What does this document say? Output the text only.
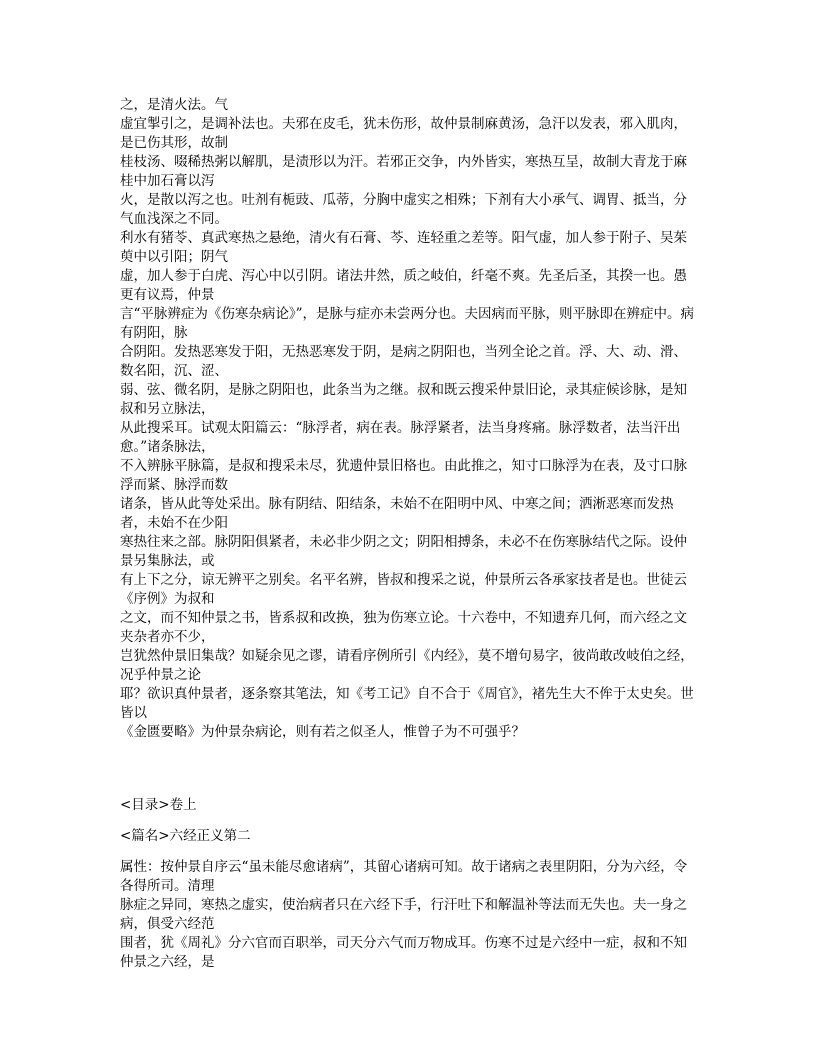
之，是清火法。气
虚宜掣引之，是调补法也。夫邪在皮毛，犹未伤形，故仲景制麻黄汤，急汗以发表，邪入肌肉，是已伤其形，故制
桂枝汤、啜稀热粥以解肌，是渍形以为汗。若邪正交争，内外皆实，寒热互呈，故制大青龙于麻桂中加石膏以泻
火，是散以泻之也。吐剂有栀豉、瓜蒂，分胸中虚实之相殊；下剂有大小承气、调胃、抵当，分气血浅深之不同。
利水有猪苓、真武寒热之悬绝，清火有石膏、芩、连轻重之差等。阳气虚，加人参于附子、吴茱萸中以引阳；阴气
虚，加人参于白虎、泻心中以引阴。诸法井然，质之岐伯，纤毫不爽。先圣后圣，其揆一也。愚更有议焉，仲景
言“平脉辨症为《伤寒杂病论》”，是脉与症亦未尝两分也。夫因病而平脉，则平脉即在辨症中。病有阴阳，脉
合阴阳。发热恶寒发于阳，无热恶寒发于阴，是病之阴阳也，当列全论之首。浮、大、动、滑、数名阳，沉、涩、
弱、弦、微名阴，是脉之阴阳也，此条当为之继。叔和既云搜采仲景旧论，录其症候诊脉，是知叔和另立脉法，
从此搜采耳。试观太阳篇云：“脉浮者，病在表。脉浮紧者，法当身疼痛。脉浮数者，法当汗出愈。”诸条脉法，
不入辨脉平脉篇，是叔和搜采未尽，犹遗仲景旧格也。由此推之，知寸口脉浮为在表，及寸口脉浮而紧、脉浮而数
诸条，皆从此等处采出。脉有阴结、阳结条，未始不在阳明中风、中寒之间；洒淅恶寒而发热者，未始不在少阳
寒热往来之部。脉阴阳俱紧者，未必非少阴之文；阴阳相搏条，未必不在伤寒脉结代之际。设仲景另集脉法，或
有上下之分，谅无辨平之别矣。名平名辨，皆叔和搜采之说，仲景所云各承家技者是也。世徒云《序例》为叔和
之文，而不知仲景之书，皆系叔和改换，独为伤寒立论。十六卷中，不知遗弃几何，而六经之文夹杂者亦不少，
岂犹然仲景旧集哉？如疑余见之谬，请看序例所引《内经》，莫不增句易字，彼尚敢改岐伯之经，况乎仲景之论
耶？欲识真仲景者，逐条察其笔法，知《考工记》自不合于《周官》，褚先生大不侔于太史矣。世皆以
《金匮要略》为仲景杂病论，则有若之似圣人，惟曾子为不可强乎？
<目录>卷上
<篇名>六经正义第二
属性：按仲景自序云“虽未能尽愈诸病”，其留心诸病可知。故于诸病之表里阴阳，分为六经，令各得所司。清理
脉症之异同，寒热之虚实，使治病者只在六经下手，行汗吐下和解温补等法而无失也。夫一身之病，俱受六经范
围者，犹《周礼》分六官而百职举，司天分六气而万物成耳。伤寒不过是六经中一症，叔和不知仲景之六经，是
